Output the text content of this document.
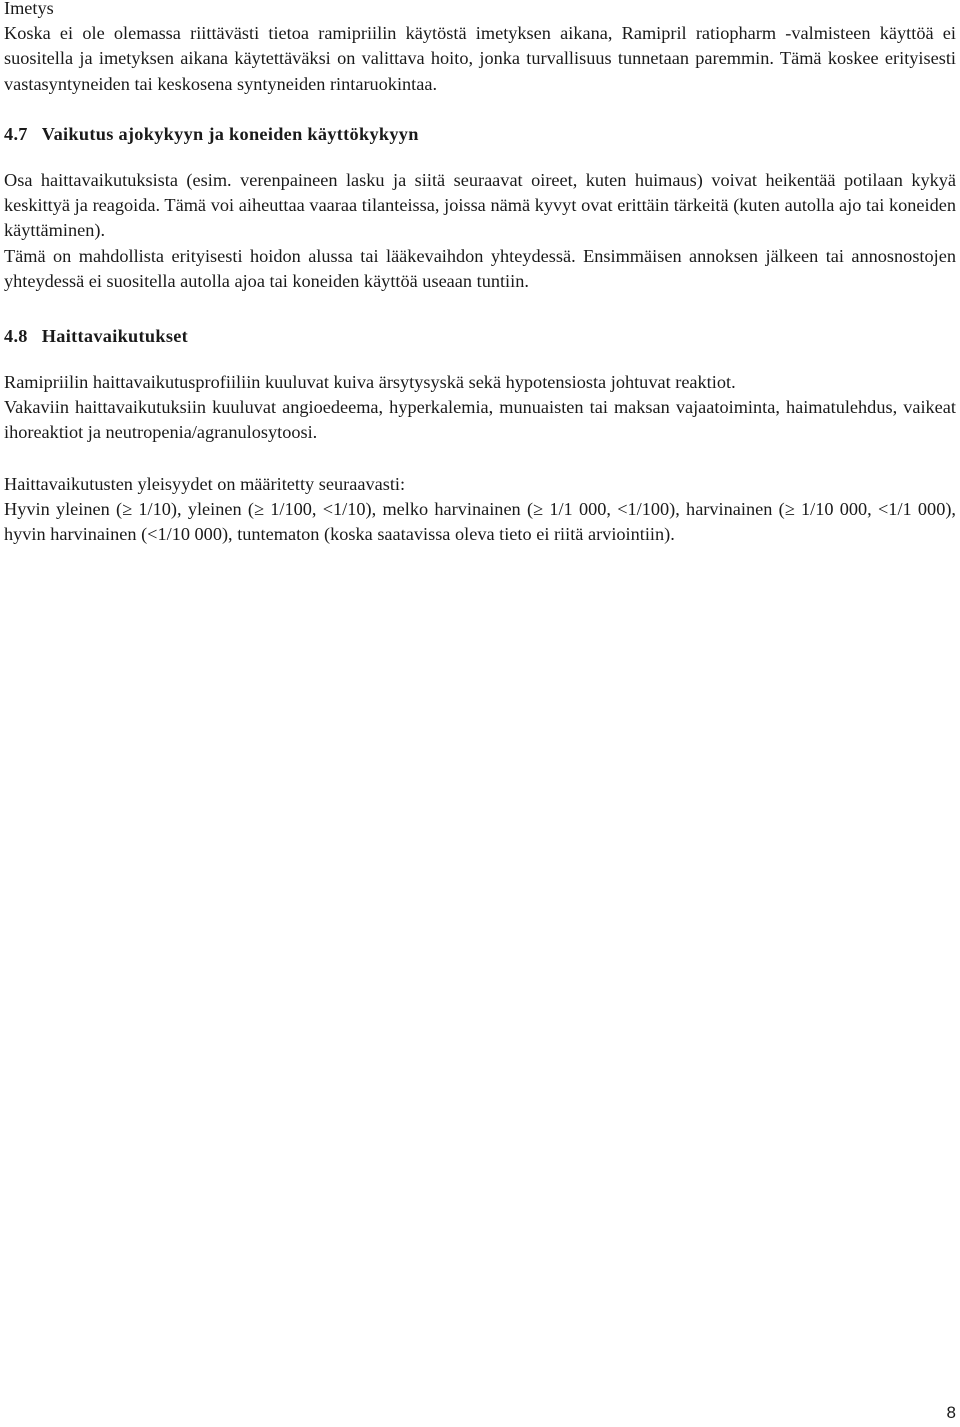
Imetys

Koska ei ole olemassa riittävästi tietoa ramipriilin käytöstä imetyksen aikana, Ramipril ratiopharm -valmisteen käyttöä ei suositella ja imetyksen aikana käytettäväksi on valittava hoito, jonka turvallisuus tunnetaan paremmin. Tämä koskee erityisesti vastasyntyneiden tai keskosena syntyneiden rintaruokintaa.

4.7 Vaikutus ajokykyyn ja koneiden käyttökykyyn

Osa haittavaikutuksista (esim. verenpaineen lasku ja siitä seuraavat oireet, kuten huimaus) voivat heikentää potilaan kykyä keskittyä ja reagoida. Tämä voi aiheuttaa vaaraa tilanteissa, joissa nämä kyvyt ovat erittäin tärkeitä (kuten autolla ajo tai koneiden käyttäminen).

Tämä on mahdollista erityisesti hoidon alussa tai lääkevaihdon yhteydessä. Ensimmäisen annoksen jälkeen tai annosnostojen yhteydessä ei suositella autolla ajoa tai koneiden käyttöä useaan tuntiin.

4.8 Haittavaikutukset

Ramipriilin haittavaikutusprofiiliin kuuluvat kuiva ärsytysyskä sekä hypotensiosta johtuvat reaktiot.

Vakaviin haittavaikutuksiin kuuluvat angioedeema, hyperkalemia, munuaisten tai maksan vajaatoiminta, haimatulehdus, vaikeat ihoreaktiot ja neutropenia/agranulosytoosi.

Haittavaikutusten yleisyydet on määritetty seuraavasti:

Hyvin yleinen (≥ 1/10), yleinen (≥ 1/100, <1/10), melko harvinainen (≥ 1/1 000, <1/100), harvinainen (≥ 1/10 000, <1/1 000), hyvin harvinainen (<1/10 000), tuntematon (koska saatavissa oleva tieto ei riitä arviointiin).

8
